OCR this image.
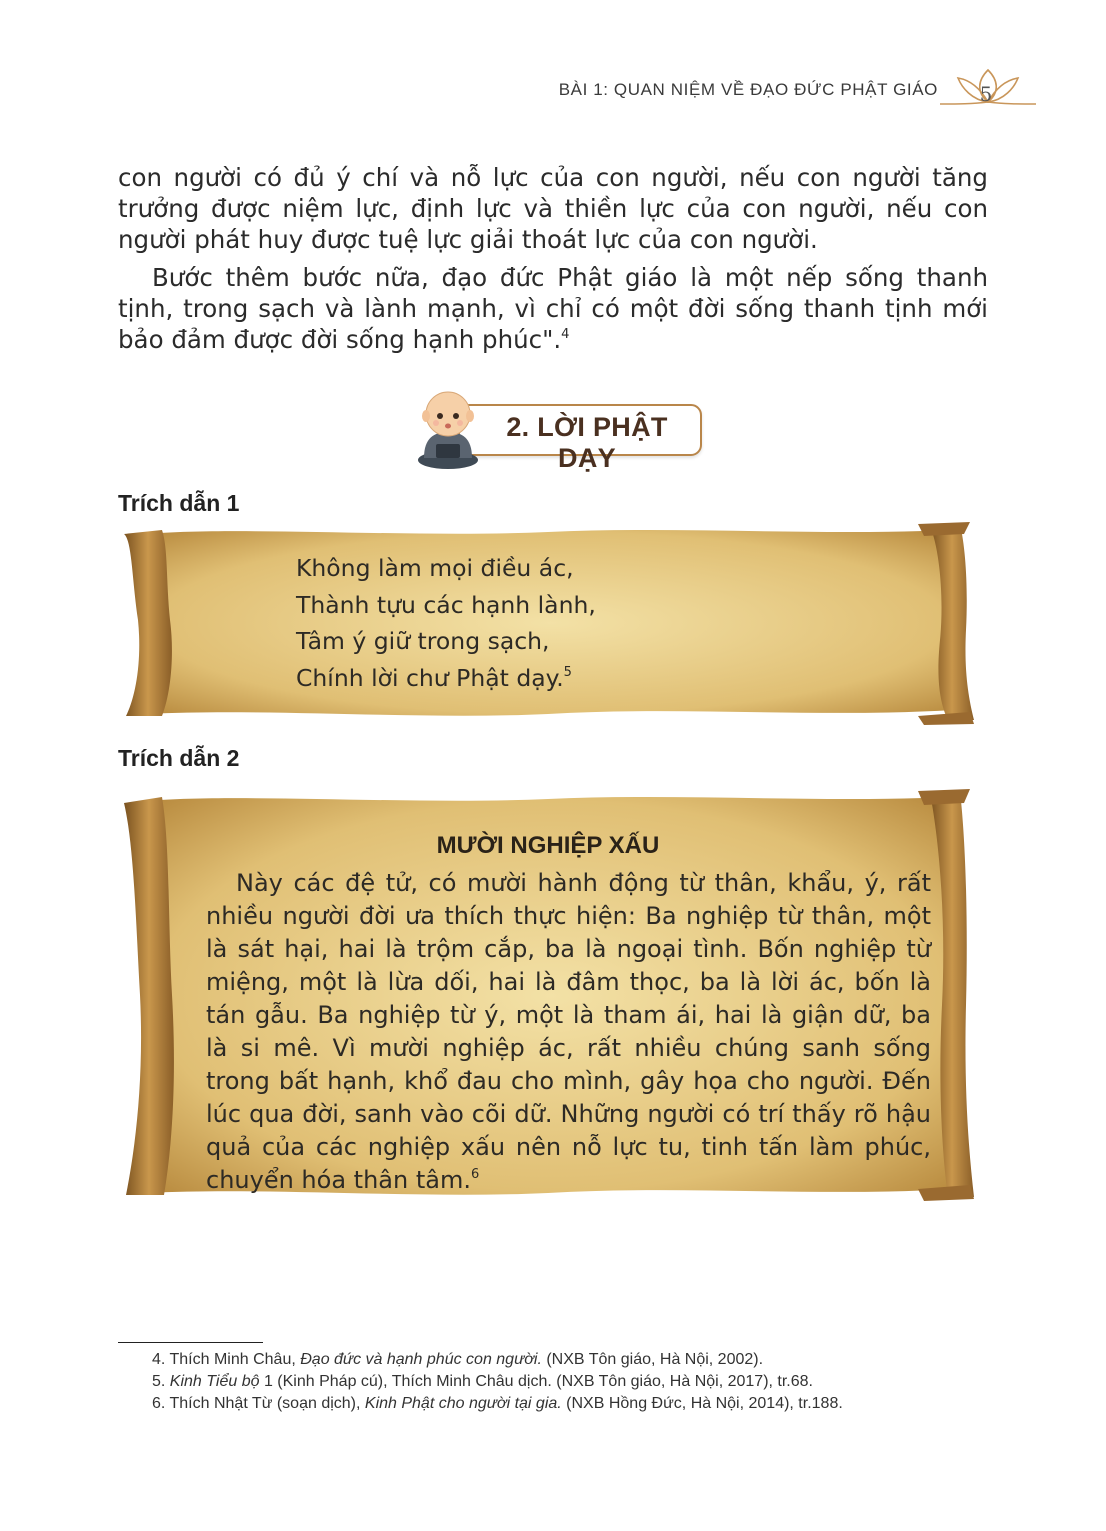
BÀI 1: QUAN NIỆM VỀ ĐẠO ĐỨC PHẬT GIÁO 5

con người có đủ ý chí và nỗ lực của con người, nếu con người tăng trưởng được niệm lực, định lực và thiền lực của con người, nếu con người phát huy được tuệ lực giải thoát lực của con người.

Bước thêm bước nữa, đạo đức Phật giáo là một nếp sống thanh tịnh, trong sạch và lành mạnh, vì chỉ có một đời sống thanh tịnh mới bảo đảm được đời sống hạnh phúc".$^4$

2. LỜI PHẬT DẠY
Trích dẫn 1
Không làm mọi điều ác,
Thành tựu các hạnh lành,
Tâm ý giữ trong sạch,
Chính lời chư Phật dạy.$^5$
Trích dẫn 2
MƯỜI NGHIỆP XẤU
Này các đệ tử, có mười hành động từ thân, khẩu, ý, rất nhiều người đời ưa thích thực hiện: Ba nghiệp từ thân, một là sát hại, hai là trộm cắp, ba là ngoại tình. Bốn nghiệp từ miệng, một là lừa dối, hai là đâm thọc, ba là lời ác, bốn là tán gẫu. Ba nghiệp từ ý, một là tham ái, hai là giận dữ, ba là si mê. Vì mười nghiệp ác, rất nhiều chúng sanh sống trong bất hạnh, khổ đau cho mình, gây họa cho người. Đến lúc qua đời, sanh vào cõi dữ. Những người có trí thấy rõ hậu quả của các nghiệp xấu nên nỗ lực tu, tinh tấn làm phúc, chuyển hóa thân tâm.$^6$

4. Thích Minh Châu, Đạo đức và hạnh phúc con người. (NXB Tôn giáo, Hà Nội, 2002).

5. Kinh Tiểu bộ 1 (Kinh Pháp cú), Thích Minh Châu dịch. (NXB Tôn giáo, Hà Nội, 2017), tr.68.

6. Thích Nhật Từ (soạn dịch), Kinh Phật cho người tại gia. (NXB Hồng Đức, Hà Nội, 2014), tr.188.
